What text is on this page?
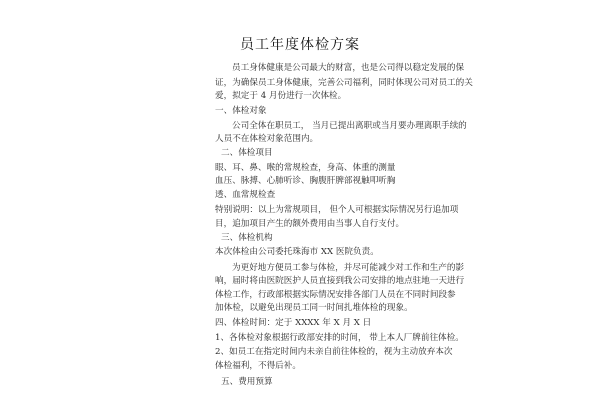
员工年度体检方案
员工身体健康是公司最大的财富，也是公司得以稳定发展的保
证，为确保员工身体健康，完善公司福利，同时体现公司对员工的关
爱，拟定于 4 月份进行一次体检。
一、体检对象
公司全体在职员工， 当月已提出离职或当月要办理离职手续的
人员不在体检对象范围内。
二、体检项目
眼、耳、鼻、喉的常规检查，身高、体重的测量
血压、脉搏、心肺听诊、胸腹肝脾部视触叩听胸
透、血常规检查
特别说明：以上为常规项目， 但个人可根据实际情况另行追加项
目，追加项目产生的额外费用由当事人自行支付。
三、体检机构
本次体检由公司委托珠海市 XX 医院负责。
为更好地方便员工参与体检，并尽可能减少对工作和生产的影
响，届时将由医院医护人员直接到我公司安排的地点驻地一天进行
体检工作，行政部根据实际情况安排各部门人员在不同时间段参
加体检，以避免出现员工同一时间扎堆体检的现象。
四、体检时间：定于 XXXX 年 X 月 X 日
1、各体检对象根据行政部安排的时间， 带上本人厂牌前往体检。
2、如员工在指定时间内未亲自前往体检的，视为主动放弃本次
体检福利，不得后补。
五、费用预算
